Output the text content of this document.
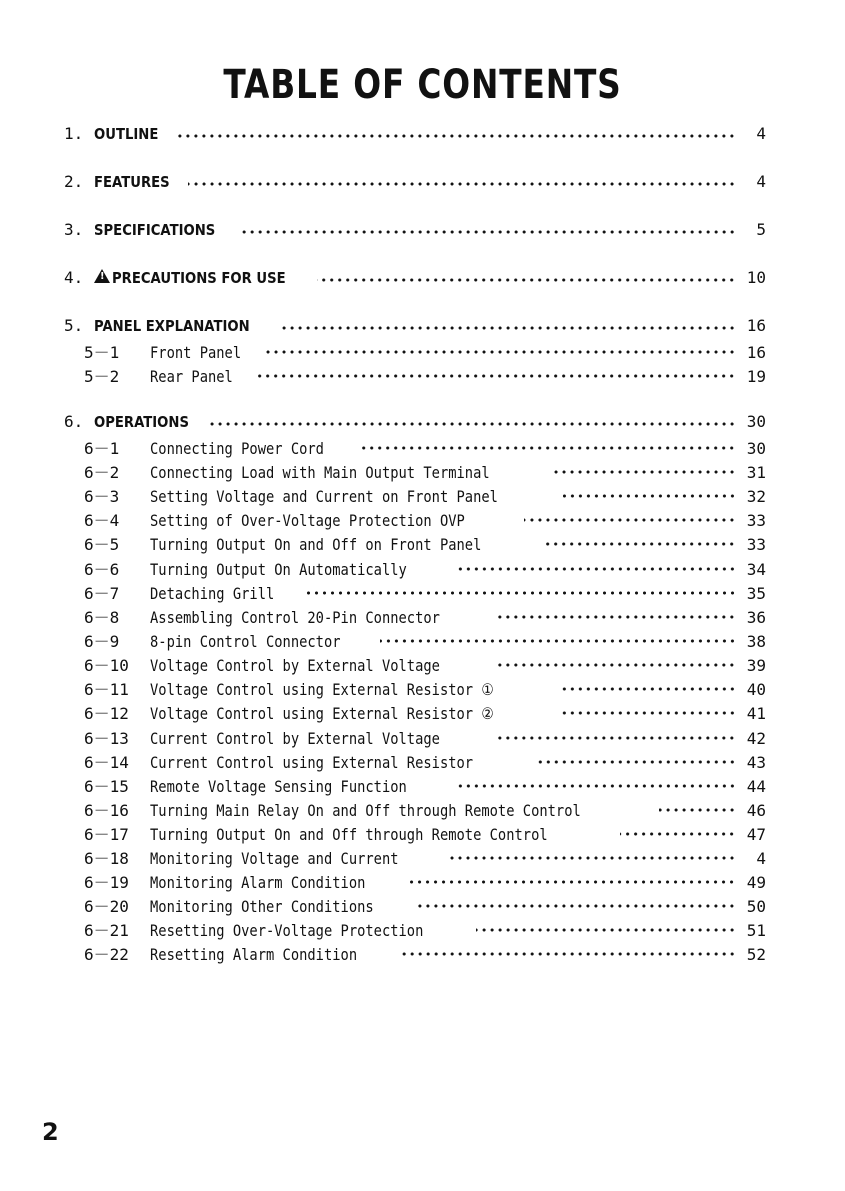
TABLE OF CONTENTS
1. OUTLINE	4
2. FEATURES	4
3. SPECIFICATIONS	5
4. !	PRECAUTIONS FOR USE	10
5. PANEL EXPLANATION	16
5－1	Front Panel	16
5－2	Rear Panel	19
6. OPERATIONS	30
6－1	Connecting Power Cord	30
6－2	Connecting Load with Main Output Terminal	31
6－3	Setting Voltage and Current on Front Panel	32
6－4	Setting of Over-Voltage Protection OVP	33
6－5	Turning Output On and Off on Front Panel	33
6－6	Turning Output On Automatically	34
6－7	Detaching Grill	35
6－8	Assembling Control 20-Pin Connector	36
6－9	8-pin Control Connector	38
6－10	Voltage Control by External Voltage	39
6－11	Voltage Control using External Resistor ①	40
6－12	Voltage Control using External Resistor ②	41
6－13	Current Control by External Voltage	42
6－14	Current Control using External Resistor	43
6－15	Remote Voltage Sensing Function	44
6－16	Turning Main Relay On and Off through Remote Control	46
6－17	Turning Output On and Off through Remote Control	47
6－18	Monitoring Voltage and Current	4
6－19	Monitoring Alarm Condition	49
6－20	Monitoring Other Conditions	50
6－21	Resetting Over-Voltage Protection	51
6－22	Resetting Alarm Condition	52
2
